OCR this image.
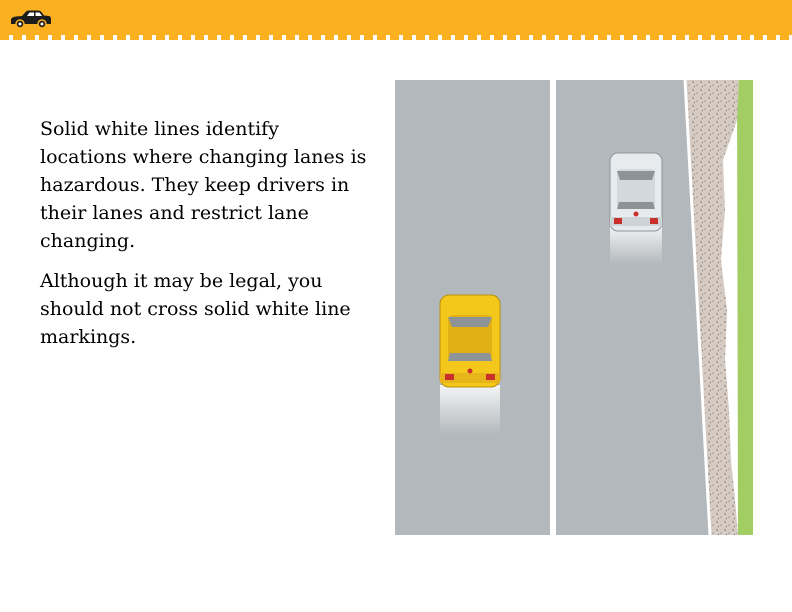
Solid white lines identify locations where changing lanes is hazardous. They keep drivers in their lanes and restrict lane changing.

Although it may be legal, you should not cross solid white line markings.
